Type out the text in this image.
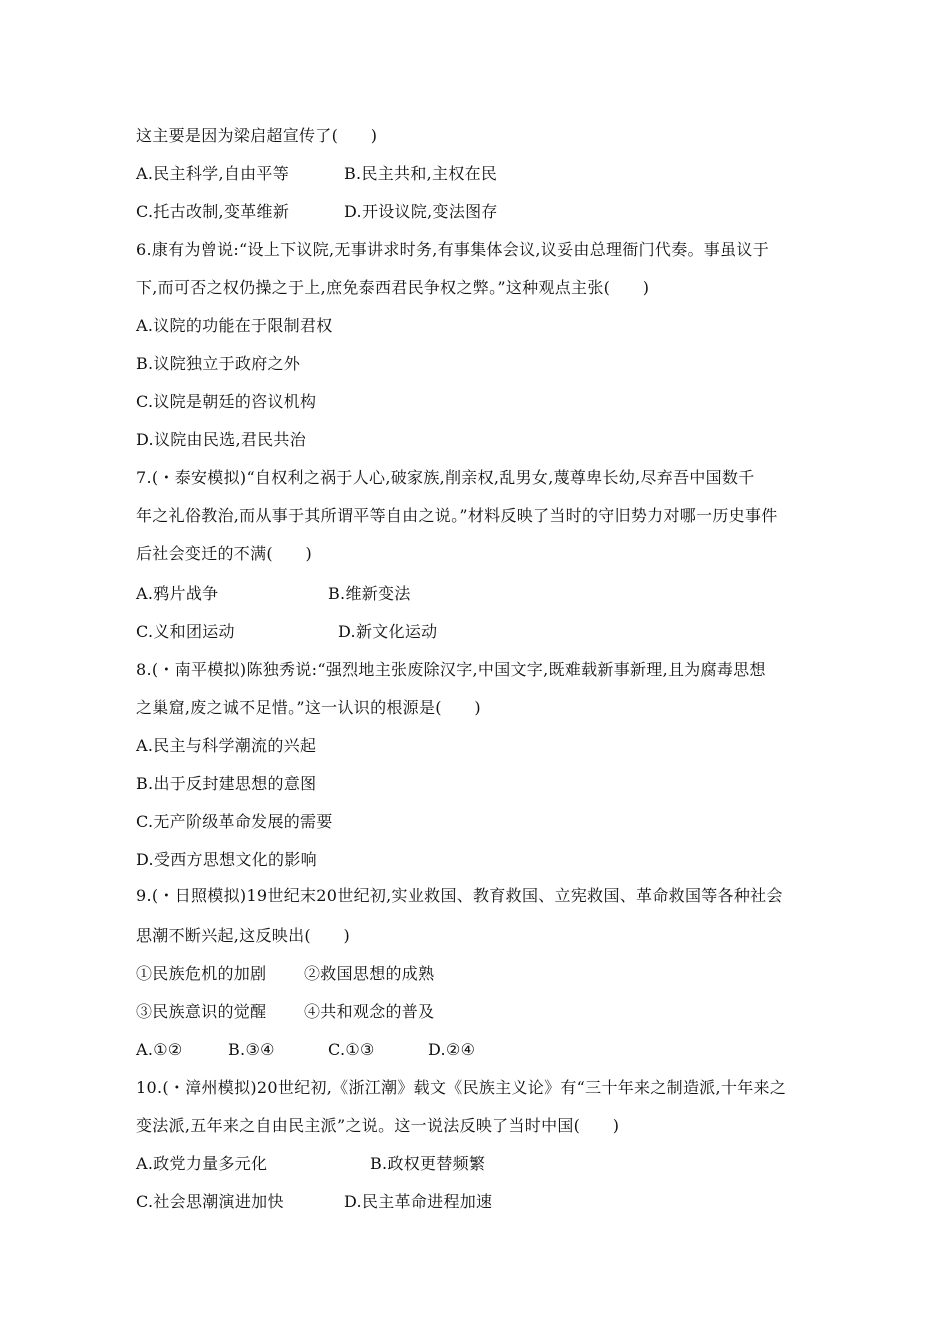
这主要是因为梁启超宣传了(　　)
A.民主科学,自由平等	B.民主共和,主权在民
C.托古改制,变革维新	D.开设议院,变法图存
6.康有为曾说:“设上下议院,无事讲求时务,有事集体会议,议妥由总理衙门代奏。事虽议于
下,而可否之权仍操之于上,庶免泰西君民争权之弊。”这种观点主张(　　)
A.议院的功能在于限制君权
B.议院独立于政府之外
C.议院是朝廷的咨议机构
D.议院由民选,君民共治
7.(・泰安模拟)“自权利之祸于人心,破家族,削亲权,乱男女,蔑尊卑长幼,尽弃吾中国数千
年之礼俗教治,而从事于其所谓平等自由之说。”材料反映了当时的守旧势力对哪一历史事件
后社会变迁的不满(　　)
A.鸦片战争	B.维新变法
C.义和团运动	D.新文化运动
8.(・南平模拟)陈独秀说:“强烈地主张废除汉字,中国文字,既难载新事新理,且为腐毒思想
之巢窟,废之诚不足惜。”这一认识的根源是(　　)
A.民主与科学潮流的兴起
B.出于反封建思想的意图
C.无产阶级革命发展的需要
D.受西方思想文化的影响
9.(・日照模拟)19世纪末20世纪初,实业救国、教育救国、立宪救国、革命救国等各种社会
思潮不断兴起,这反映出(　　)
①民族危机的加剧 ②救国思想的成熟
③民族意识的觉醒 ④共和观念的普及
A.①②	B.③④	C.①③	D.②④
10.(・漳州模拟)20世纪初,《浙江潮》载文《民族主义论》有“三十年来之制造派,十年来之
变法派,五年来之自由民主派”之说。这一说法反映了当时中国(　　)
A.政党力量多元化	B.政权更替频繁
C.社会思潮演进加快	D.民主革命进程加速
